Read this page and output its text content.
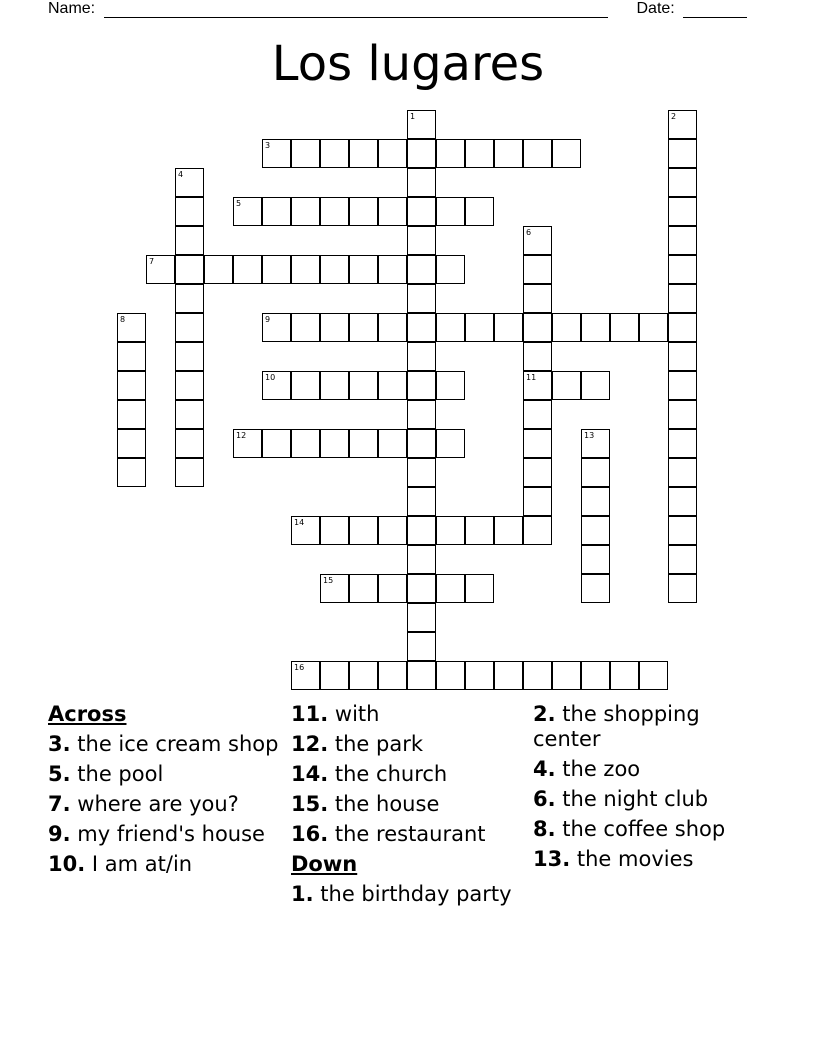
Name:	Date:
Los lugares
1	2
3
4
5
6
11
7
8	9
10
12	13
14
15
16
Across
3. the ice cream shop
5. the pool
7. where are you?
9. my friend's house
10. I am at/in
11. with
12. the park
14. the church
15. the house
16. the restaurant
Down
1. the birthday party
2. the shopping center
4. the zoo
6. the night club
8. the coffee shop
13. the movies
